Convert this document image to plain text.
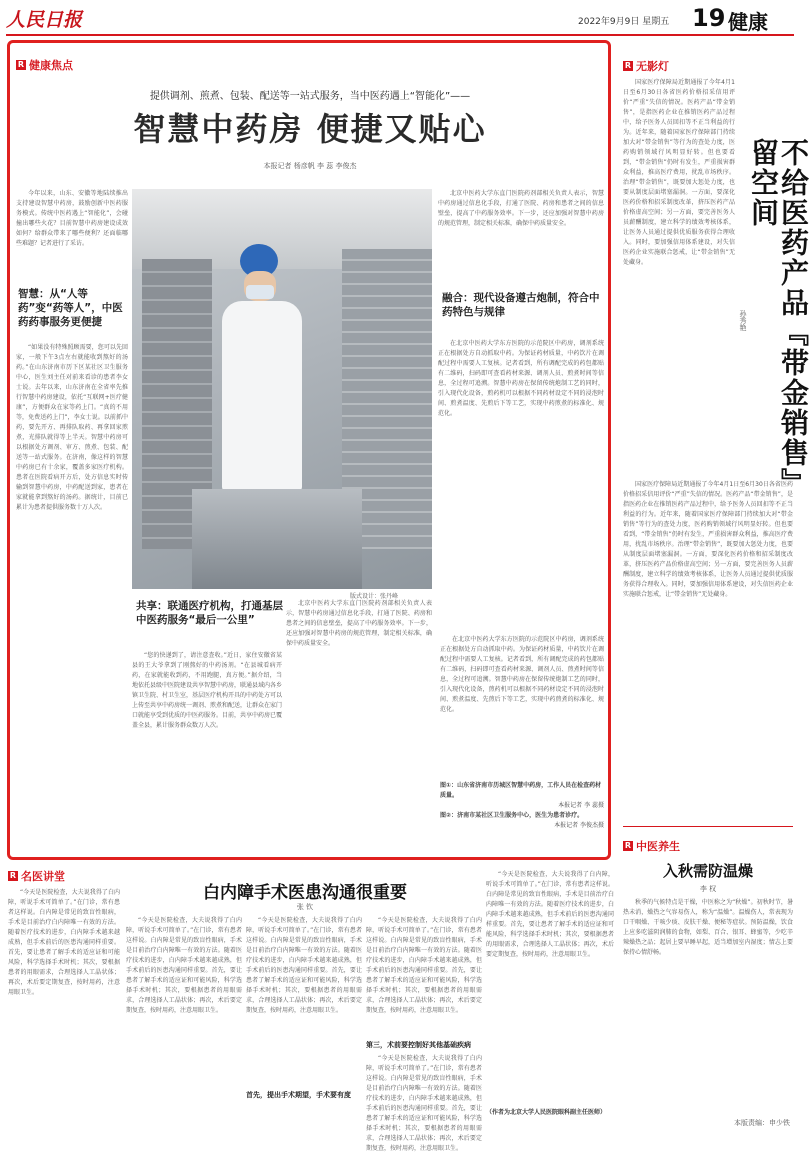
人民日报	2022年9月9日 星期五 19 健康
R 健康焦点
提供调剂、煎煮、包装、配送等一站式服务，当中医药遇上“智能化”——
智慧中药房 便捷又贴心
本报记者 杨彦帆 李 蕊 李俊杰
今年以来，山东、安徽等地陆续推出支持建设智慧中药房，鼓励创新中医药服务模式。传统中医药遇上“智能化”，会碰撞出哪些火花？目前智慧中药房建设成效如何？给群众带来了哪些便利？还面临哪些难题？记者进行了采访。
版式设计：张丹峰
北京中医药大学东直门医院药剂部相关负责人表示，智慧中药房通过信息化手段，打通了医院、药房和患者之间的信息壁垒，提高了中药服务效率。下一步，还应加强对智慧中药房的规范管理，制定相关标准，确保中药质量安全。
融合：现代设备遵古炮制，符合中药特色与规律
在北京中医药大学东方医院的示范院区中药房，调剂系统正在根据处方自动抓取中药。为保证药材质量，中药饮片在调配过程中需要人工复核。记者看到，所有调配完成的药包都贴有二维码，扫码即可查看药材来源、调剂人员、煎煮时间等信息，全过程可追溯。智慧中药房在保留传统炮制工艺的同时，引入现代化设备，煎药机可以根据不同药材设定不同的浸泡时间、煎煮温度、先煎后下等工艺，实现中药煎煮的标准化、规范化。
智慧：从“人等药”变“药等人”，中医药药事服务更便捷
“如果没有特殊照顾需要，您可以先回家，一般下午3点左右就能收到熬好的汤药。”在山东济南市历下区某社区卫生服务中心，医生刘主任对前来看诊的患者李女士说。去年以来，山东济南在全省率先推行智慧中药房建设，依托“互联网+医疗健康”，方便群众在家等药上门。“真的不用等，免费送药上门”，李女士说。以前抓中药，要先开方、再排队取药、再拿回家煎煮，光排队就得等上半天。智慧中药房可以根据处方调剂、审方、煎煮、包装、配送等一站式服务。在济南，像这样的智慧中药房已有十余家，覆盖多家医疗机构。患者在医院看病开方后，处方信息实时传输到智慧中药房，中药配送到家，患者在家就能拿到熬好的汤药。据统计，目前已累计为患者提供服务数十万人次。
共享：联通医疗机构，打通基层中医药服务“最后一公里”
“您的快递到了，请注意查收。”近日，家住安徽省某县的王大爷拿到了刚熬好的中药汤剂。“在县城看病开药，在家就能收到药，不用跑腿，真方便。”据介绍，当地依托县级中医院建设共享智慧中药房，联通县域内各乡镇卫生院、村卫生室，基层医疗机构开具的中药处方可以上传至共享中药房统一调剂、煎煮和配送，让群众在家门口就能享受到优质的中医药服务。目前，共享中药房已覆盖全县，累计服务群众数万人次。
北京中医药大学东直门医院药剂部相关负责人表示，智慧中药房通过信息化手段，打通了医院、药房和患者之间的信息壁垒，提高了中药服务效率。下一步，还应加强对智慧中药房的规范管理，制定相关标准，确保中药质量安全。
在北京中医药大学东方医院的示范院区中药房，调剂系统正在根据处方自动抓取中药。为保证药材质量，中药饮片在调配过程中需要人工复核。记者看到，所有调配完成的药包都贴有二维码，扫码即可查看药材来源、调剂人员、煎煮时间等信息，全过程可追溯。智慧中药房在保留传统炮制工艺的同时，引入现代化设备，煎药机可以根据不同药材设定不同的浸泡时间、煎煮温度、先煎后下等工艺，实现中药煎煮的标准化、规范化。
图①：山东省济南市历城区智慧中药房，工作人员在检查药材质量。
本报记者 李 蕊摄
图②：济南市某社区卫生服务中心，医生为患者诊疗。
本报记者 李俊杰摄
R 无影灯
国家医疗保障局近期通报了今年4月1日至6月30日各省医药价格招采信用评价“严重”失信的情况。医药产品“带金销售”，是指医药企业在推销医药产品过程中，给予医务人员回扣等不正当利益的行为。近年来，随着国家医疗保障部门持续加大对“带金销售”等行为的查处力度，医药购销领域行风明显好转。但也要看到，“带金销售”仍时有发生，严重损害群众利益，推高医疗费用，扰乱市场秩序。治理“带金销售”，既要加大惩处力度，也要从制度层面堵塞漏洞。一方面，要深化医药价格和招采制度改革，挤压医药产品价格虚高空间；另一方面，要完善医务人员薪酬制度，建立科学的绩效考核体系，让医务人员通过提供优质服务获得合理收入。同时，要加强信用体系建设，对失信医药企业实施联合惩戒，让“带金销售”无处藏身。	不给医药产品『带金销售』留空间
孙秀艳
国家医疗保障局近期通报了今年4月1日至6月30日各省医药价格招采信用评价“严重”失信的情况。医药产品“带金销售”，是指医药企业在推销医药产品过程中，给予医务人员回扣等不正当利益的行为。近年来，随着国家医疗保障部门持续加大对“带金销售”等行为的查处力度，医药购销领域行风明显好转。但也要看到，“带金销售”仍时有发生，严重损害群众利益，推高医疗费用，扰乱市场秩序。治理“带金销售”，既要加大惩处力度，也要从制度层面堵塞漏洞。一方面，要深化医药价格和招采制度改革，挤压医药产品价格虚高空间；另一方面，要完善医务人员薪酬制度，建立科学的绩效考核体系，让医务人员通过提供优质服务获得合理收入。同时，要加强信用体系建设，对失信医药企业实施联合惩戒，让“带金销售”无处藏身。
R 中医养生
入秋需防温燥
李 权
秋季的气候特点是干燥，中医称之为“秋燥”。初秋时节，暑热未消，燥热之气容易伤人，称为“温燥”。温燥伤人，常表现为口干咽燥、干咳少痰、皮肤干燥、便秘等症状。预防温燥，饮食上应多吃滋阴润肺的食物，如梨、百合、银耳、蜂蜜等，少吃辛辣燥热之品；起居上要早睡早起，适当增加室内湿度；情志上要保持心情舒畅。
本版责编：申少铁
R 名医讲堂
白内障手术医患沟通很重要
张 钦
“今天是医院检查，大夫说我得了白内障，听说手术可简单了。”在门诊，常有患者这样说。白内障是常见的致盲性眼病，手术是目前治疗白内障唯一有效的方法。随着医疗技术的进步，白内障手术越来越成熟，但手术前后的医患沟通同样重要。首先，要让患者了解手术的适应证和可能风险，科学选择手术时机；其次，要根据患者的用眼需求，合理选择人工晶状体；再次，术后要定期复查，按时用药，注意用眼卫生。
“今天是医院检查，大夫说我得了白内障，听说手术可简单了。”在门诊，常有患者这样说。白内障是常见的致盲性眼病，手术是目前治疗白内障唯一有效的方法。随着医疗技术的进步，白内障手术越来越成熟，但手术前后的医患沟通同样重要。首先，要让患者了解手术的适应证和可能风险，科学选择手术时机；其次，要根据患者的用眼需求，合理选择人工晶状体；再次，术后要定期复查，按时用药，注意用眼卫生。
首先，提出手术期望，手术要有度
“今天是医院检查，大夫说我得了白内障，听说手术可简单了。”在门诊，常有患者这样说。白内障是常见的致盲性眼病，手术是目前治疗白内障唯一有效的方法。随着医疗技术的进步，白内障手术越来越成熟，但手术前后的医患沟通同样重要。首先，要让患者了解手术的适应证和可能风险，科学选择手术时机；其次，要根据患者的用眼需求，合理选择人工晶状体；再次，术后要定期复查，按时用药，注意用眼卫生。
“今天是医院检查，大夫说我得了白内障，听说手术可简单了。”在门诊，常有患者这样说。白内障是常见的致盲性眼病，手术是目前治疗白内障唯一有效的方法。随着医疗技术的进步，白内障手术越来越成熟，但手术前后的医患沟通同样重要。首先，要让患者了解手术的适应证和可能风险，科学选择手术时机；其次，要根据患者的用眼需求，合理选择人工晶状体；再次，术后要定期复查，按时用药，注意用眼卫生。
第三，术前要控制好其他基础疾病
“今天是医院检查，大夫说我得了白内障，听说手术可简单了。”在门诊，常有患者这样说。白内障是常见的致盲性眼病，手术是目前治疗白内障唯一有效的方法。随着医疗技术的进步，白内障手术越来越成熟，但手术前后的医患沟通同样重要。首先，要让患者了解手术的适应证和可能风险，科学选择手术时机；其次，要根据患者的用眼需求，合理选择人工晶状体；再次，术后要定期复查，按时用药，注意用眼卫生。
“今天是医院检查，大夫说我得了白内障，听说手术可简单了。”在门诊，常有患者这样说。白内障是常见的致盲性眼病，手术是目前治疗白内障唯一有效的方法。随着医疗技术的进步，白内障手术越来越成熟，但手术前后的医患沟通同样重要。首先，要让患者了解手术的适应证和可能风险，科学选择手术时机；其次，要根据患者的用眼需求，合理选择人工晶状体；再次，术后要定期复查，按时用药，注意用眼卫生。
（作者为北京大学人民医院眼科副主任医师）
